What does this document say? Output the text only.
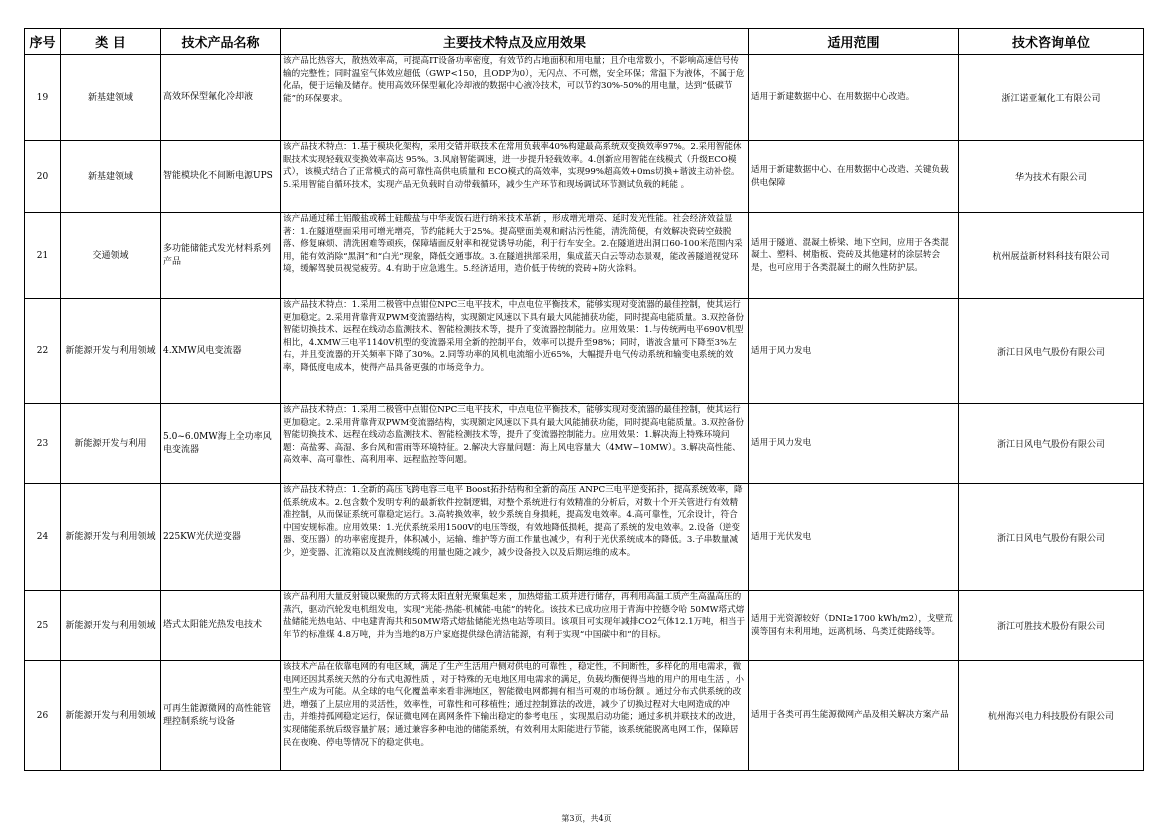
序号	类 目	技术产品名称	主要技术特点及应用效果	适用范围	技术咨询单位
19	新基建领域	高效环保型氟化冷却液	该产品比热容大，散热效率高，可提高IT设备功率密度，有效节约占地面积和用电量；且介电常数小，不影响高速信号传输的完整性；同时温室气体效应超低（GWP<150，且ODP为0），无闪点、不可燃，安全环保；常温下为液体，不属于危化品，便于运输及储存。使用高效环保型氟化冷却液的数据中心液冷技术，可以节约30%-50%的用电量，达到“低碳节能”的环保要求。	适用于新建数据中心、在用数据中心改造。	浙江诺亚氟化工有限公司
20	新基建领域	智能模块化不间断电源UPS	该产品技术特点：1.基于模块化架构，采用交错并联技术在常用负载率40%构建最高系统双变换效率97%。2.采用智能休眠技术实现轻载双变换效率高达 95%。3.风扇智能调速，进一步提升轻载效率。4.创新应用智能在线模式（升级ECO模式），该模式结合了正常模式的高可靠性高供电质量和 ECO模式的高效率，实现99%超高效+0ms切换+谐波主动补偿。5.采用智能自循环技术，实现产品无负载时自动带载循环，减少生产环节和现场调试环节测试负载的耗能 。	适用于新建数据中心、在用数据中心改造、关键负载供电保障	华为技术有限公司
21	交通领域	多功能储能式发光材料系列产品	该产品通过稀土铝酸盐或稀土硅酸盐与中华麦饭石进行纳米技术革新 ，形成增光增亮、延时发光性能。社会经济效益显著：1.在隧道壁面采用可增光增亮，节约能耗大于25%。提高壁面美观和耐沾污性能，清洗简便，有效解决瓷砖空鼓脱落、修复麻烦、清洗困难等顽疾，保障墙面反射率和视觉诱导功能，利于行车安全。2.在隧道进出洞口60-100米范围内采用，能有效消除“黑洞”和“白光”现象，降低交通事故。3.在隧道拱部采用，集成蓝天白云等动态景观，能改善隧道视觉环境，缓解驾驶员视觉疲劳。4.有助于应急逃生。5.经济适用，造价低于传统的瓷砖+防火涂料。	适用于隧道、混凝土桥梁、地下空间，应用于各类混凝土、塑料、树脂板、瓷砖及其他建材的涂层转会是，也可应用于各类混凝土的耐久性防护层。	杭州展益新材料科技有限公司
22	新能源开发与利用领域	4.XMW风电变流器	该产品技术特点：1.采用二极管中点钳位NPC三电平技术，中点电位平衡技术，能够实现对变流器的最佳控制，使其运行更加稳定。2.采用背靠背双PWM变流器结构，实现额定风速以下具有最大风能捕获功能，同时提高电能质量。3.双控备份智能切换技术、远程在线动态监测技术、智能检测技术等，提升了变流器控制能力。应用效果：1.与传统两电平690V机型相比，4.XMW三电平1140V机型的变流器采用全新的控制平台，效率可以提升至98%；同时，谐波含量可下降至3%左右，并且变流器的开关频率下降了30%。2.同等功率的风机电流缩小近65%，大幅提升电气传动系统和输变电系统的效率，降低度电成本，使得产品具备更强的市场竞争力。	适用于风力发电	浙江日风电气股份有限公司
23	新能源开发与利用	5.0~6.0MW海上全功率风电变流器	该产品技术特点：1.采用二极管中点钳位NPC三电平技术，中点电位平衡技术，能够实现对变流器的最佳控制，使其运行更加稳定。2.采用背靠背双PWM变流器结构，实现额定风速以下具有最大风能捕获功能，同时提高电能质量。3.双控备份智能切换技术、远程在线动态监测技术、智能检测技术等，提升了变流器控制能力。应用效果：1.解决海上特殊环境问题：高盐雾、高湿、多台风和雷雨等环境特征。2.解决大容量问题：海上风电容量大（4MW~10MW）。3.解决高性能、高效率、高可靠性、高利用率、远程监控等问题。	适用于风力发电	浙江日风电气股份有限公司
24	新能源开发与利用领域	225KW光伏逆变器	该产品技术特点：1.全新的高压飞跨电容三电平 Boost拓扑结构和全新的高压 ANPC三电平逆变拓扑，提高系统效率，降低系统成本。2.包含数个发明专利的最新软件控制逻辑，对整个系统进行有效精准的分析后，对数十个开关管进行有效精准控制，从而保证系统可靠稳定运行。3.高转换效率，较少系统自身损耗，提高发电效率。4.高可靠性，冗余设计，符合中国安规标准。应用效果：1.光伏系统采用1500V的电压等级，有效地降低损耗，提高了系统的发电效率。2.设备（逆变器、变压器）的功率密度提升，体积减小，运输、维护等方面工作量也减少，有利于光伏系统成本的降低。3.子串数量减少，逆变器、汇流箱以及直流侧线缆的用量也随之减少，减少设备投入以及后期运维的成本。	适用于光伏发电	浙江日风电气股份有限公司
25	新能源开发与利用领域	塔式太阳能光热发电技术	该产品利用大量反射镜以聚焦的方式将太阳直射光聚集起来 ，加热熔盐工质并进行储存，再利用高温工质产生高温高压的蒸汽，驱动汽轮发电机组发电，实现“光能-热能-机械能-电能”的转化。该技术已成功应用于青海中控德令哈 50MW塔式熔盐储能光热电站、中电建青海共和50MW塔式熔盐储能光热电站等项目。该项目可实现年减排CO2气体12.1万吨，相当于年节约标准煤 4.8万吨，并为当地约8万户家庭提供绿色清洁能源，有利于实现“中国碳中和”的目标。	适用于光资源较好（DNI≥1700 kWh/m2），戈壁荒漠等国有未利用地，远离机场、鸟类迁徙路线等。	浙江可胜技术股份有限公司
26	新能源开发与利用领域	可再生能源微网的高性能管理控制系统与设备	该技术产品在依靠电网的有电区域，满足了生产生活用户侧对供电的可靠性 ，稳定性，不间断性，多样化的用电需求，微电网还因其系统天然的分布式电源性质 ，对于特殊的无电地区用电需求的满足，负载均衡便得当地的用户的用电生活 ，小型生产成为可能。从全球的电气化覆盖率来看非洲地区，智能微电网都拥有相当可观的市场份额 。通过分布式供系统的改进，增强了上层应用的灵活性，效率性，可靠性和可移植性；通过控制算法的改进，减少了切换过程对大电网造成的冲击，并维持孤网稳定运行，保证微电网在离网条件下输出稳定的参考电压 ，实现黑启动功能；通过多机并联技术的改进，实现储能系统后级容量扩展；通过兼容多种电池的储能系统，有效利用太阳能进行节能，该系统能脱离电网工作，保障居民在夜晚、停电等情况下的稳定供电。	适用于各类可再生能源微网产品及相关解决方案产品	杭州海兴电力科技股份有限公司
第3页，共4页
